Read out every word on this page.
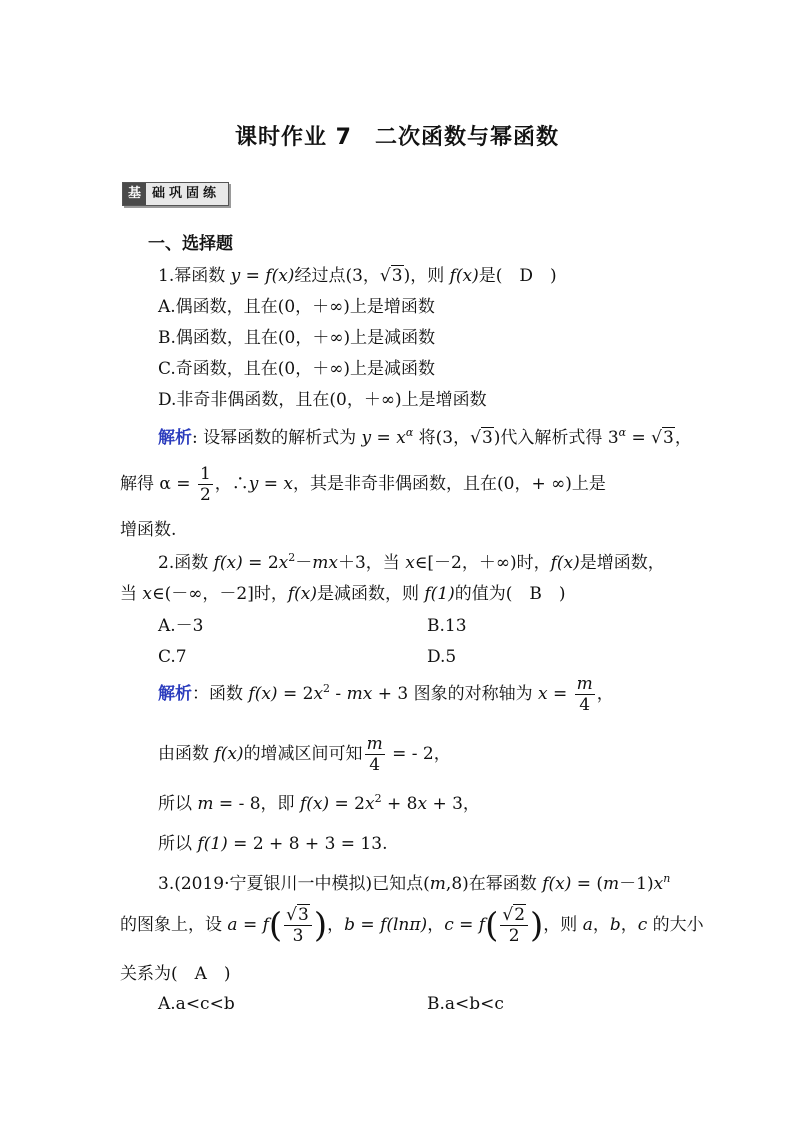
课时作业 7　二次函数与幂函数
基 础巩固练
一、选择题
1.幂函数 y = f(x)经过点(3，√3)，则 f(x)是(　D　)
A.偶函数，且在(0，＋∞)上是增函数
B.偶函数，且在(0，＋∞)上是减函数
C.奇函数，且在(0，＋∞)上是减函数
D.非奇非偶函数，且在(0，＋∞)上是增函数
解析: 设幂函数的解析式为 $y = x^\alpha$ 将(3，√3)代入解析式得 $3^\alpha = √3$，
解得 $\alpha = \frac{1}{2}$ ，∴y = x，其是非奇非偶函数，且在(0，+ ∞)上是
增函数.
2.函数 $f(x) = 2x^2-mx+3$，当 x∈[－2，＋∞)时，f(x)是增函数，
当 x∈(－∞，－2]时，f(x)是减函数，则 f(1)的值为(　B　)
A.－3	B.13
C.7	D.5
解析：函数 $f(x) = 2x^2$ - mx + 3 图象的对称轴为 $x = \frac{m}{4}$ ，
由函数 f(x)的增减区间可知 $\frac{m}{4}$ = - 2，
所以 m = - 8，即 $f(x) = 2x^2 + 8x + 3$，
所以 f(1) = 2 + 8 + 3 = 13.
3.(2019·宁夏银川一中模拟)已知点(m,8)在幂函数 $f(x) = (m-1)x^n$
的图象上，设 $a = f( \frac{√3}{3}$ )，b = f(lnπ)，$c = f( \frac{√2}{2}$ )，则 a，b，c 的大小
关系为(　A　)
A.a<c<b	B.a<b<c
